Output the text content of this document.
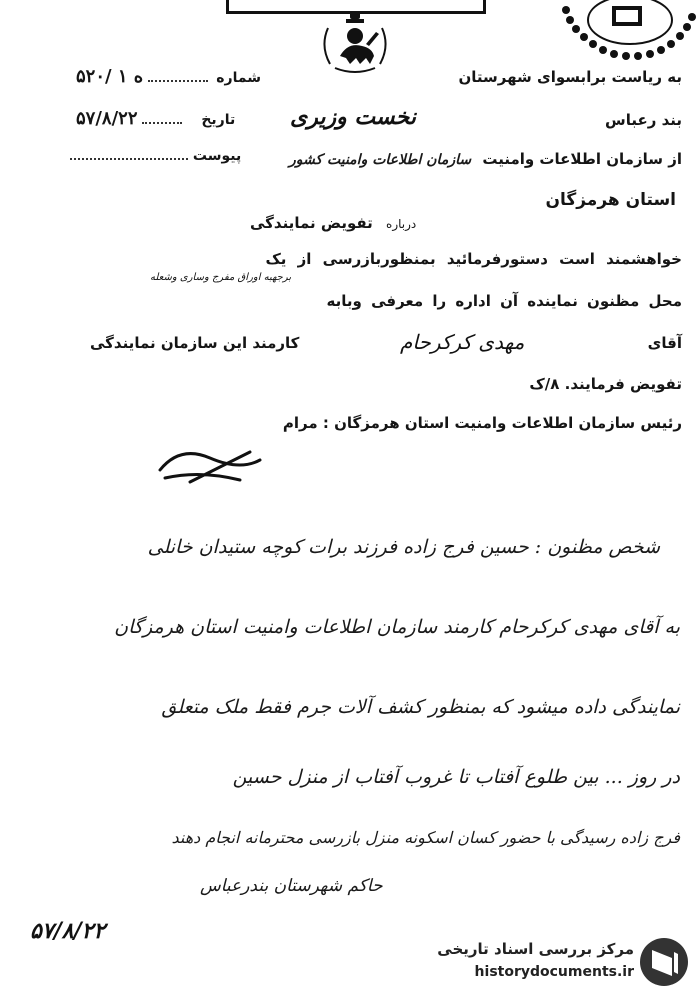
به ریاست برابسوای شهرستان
بند رعباس
از سازمان اطلاعات وامنیت سازمان اطلاعات وامنیت کشور
استان هرمزگان
نخست وزیری
۵۲۰/ ه ۱	شماره
۵۷/۸/۲۲	تاریخ
پیوست
درباره تفویض نمایندگی
خواهشمند است دستورفرمائید بمنظوربازرسی از یک
برجهبه اوراق مفرج وساری وشعله
محل مظنون نماینده آن اداره را معرفی وبابه
آقای
مهدی کرکرحام
کارمند این سازمان نمایندگی
تفویض فرمایند. ۸/ک
رئیس سازمان اطلاعات وامنیت استان هرمزگان : مرام
شخص مظنون : حسین فرج زاده فرزند برات کوچه ستیدان خانلی
به آقای مهدی کرکرحام کارمند سازمان اطلاعات وامنیت استان هرمزگان
نمایندگی داده میشود که بمنظور کشف آلات جرم فقط ملک متعلق
در روز ... بین طلوع آفتاب تا غروب آفتاب از منزل حسین
فرج زاده رسیدگی با حضور کسان اسکونه منزل بازرسی محترمانه انجام دهند
حاکم شهرستان بندرعباس
۵۷/۸/۲۲
مرکز بررسی اسناد تاریخی
historydocuments.ir
